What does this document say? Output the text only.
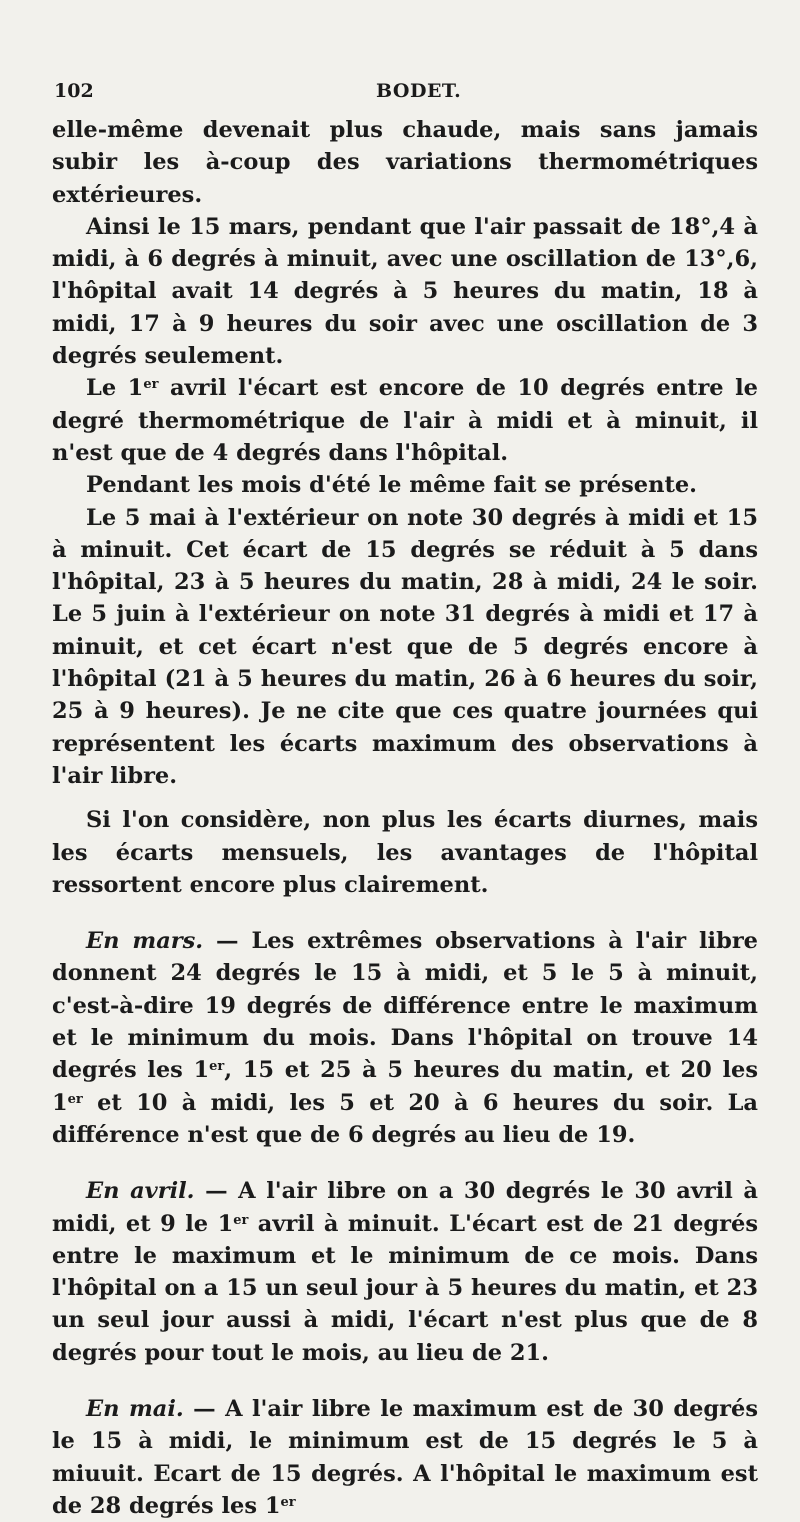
102	BODET.

elle-même devenait plus chaude, mais sans jamais subir les à-coup des variations thermométriques extérieures.

Ainsi le 15 mars, pendant que l'air passait de 18°,4 à midi, à 6 degrés à minuit, avec une oscillation de 13°,6, l'hôpital avait 14 degrés à 5 heures du matin, 18 à midi, 17 à 9 heures du soir avec une oscillation de 3 degrés seulement.

Le 1er avril l'écart est encore de 10 degrés entre le degré thermométrique de l'air à midi et à minuit, il n'est que de 4 degrés dans l'hôpital.

Pendant les mois d'été le même fait se présente.

Le 5 mai à l'extérieur on note 30 degrés à midi et 15 à minuit. Cet écart de 15 degrés se réduit à 5 dans l'hôpital, 23 à 5 heures du matin, 28 à midi, 24 le soir. Le 5 juin à l'extérieur on note 31 degrés à midi et 17 à minuit, et cet écart n'est que de 5 degrés encore à l'hôpital (21 à 5 heures du matin, 26 à 6 heures du soir, 25 à 9 heures). Je ne cite que ces quatre journées qui représentent les écarts maximum des observations à l'air libre.

Si l'on considère, non plus les écarts diurnes, mais les écarts mensuels, les avantages de l'hôpital ressortent encore plus clairement.

En mars. — Les extrêmes observations à l'air libre donnent 24 degrés le 15 à midi, et 5 le 5 à minuit, c'est-à-dire 19 degrés de différence entre le maximum et le minimum du mois. Dans l'hôpital on trouve 14 degrés les 1er, 15 et 25 à 5 heures du matin, et 20 les 1er et 10 à midi, les 5 et 20 à 6 heures du soir. La différence n'est que de 6 degrés au lieu de 19.

En avril. — A l'air libre on a 30 degrés le 30 avril à midi, et 9 le 1er avril à minuit. L'écart est de 21 degrés entre le maximum et le minimum de ce mois. Dans l'hôpital on a 15 un seul jour à 5 heures du matin, et 23 un seul jour aussi à midi, l'écart n'est plus que de 8 degrés pour tout le mois, au lieu de 21.

En mai. — A l'air libre le maximum est de 30 degrés le 15 à midi, le minimum est de 15 degrés le 5 à miuuit. Ecart de 15 degrés. A l'hôpital le maximum est de 28 degrés les 1er
